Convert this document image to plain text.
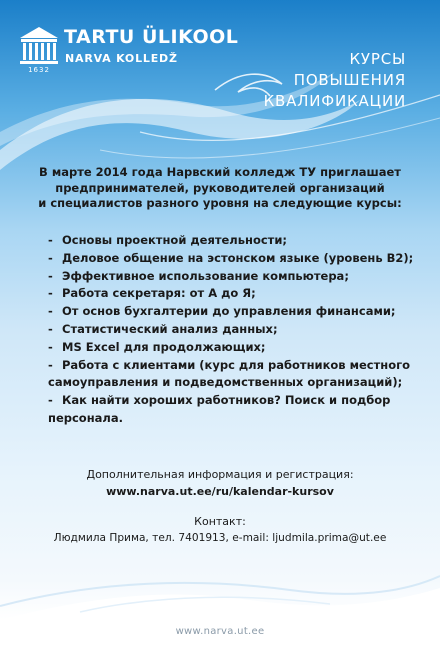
1632
TARTU ÜLIKOOL
NARVA KOLLEDŽ	КУРСЫ
ПОВЫШЕНИЯ
КВАЛИФИКАЦИИ
В марте 2014 года Нарвский колледж ТУ приглашает
предпринимателей, руководителей организаций
и специалистов разного уровня на следующие курсы:
- Основы проектной деятельности;
- Деловое общение на эстонском языке (уровень В2);
- Эффективное использование компьютера;
- Работа секретаря: от А до Я;
- От основ бухгалтерии до управления финансами;
- Статистический анализ данных;
- MS Excel для продолжающих;
- Работа с клиентами (курс для работников местного
самоуправления и подведомственных организаций);
- Как найти хороших работников? Поиск и подбор
персонала.
Дополнительная информация и регистрация:
www.narva.ut.ee/ru/kalendar-kursov
Контакт:
Людмила Прима, тел. 7401913, e-mail: ljudmila.prima@ut.ee
www.narva.ut.ee
